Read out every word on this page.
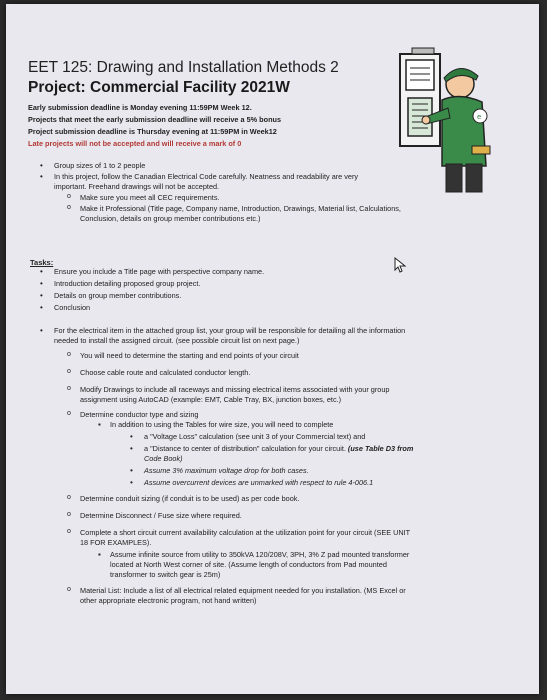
e
EET 125: Drawing and Installation Methods 2
Project: Commercial Facility 2021W
Early submission deadline is Monday evening 11:59PM Week 12.
Projects that meet the early submission deadline will receive a 5% bonus
Project submission deadline is Thursday evening at 11:59PM in Week12
Late projects will not be accepted and will receive a mark of 0
• Group sizes of 1 to 2 people
• In this project, follow the Canadian Electrical Code carefully. Neatness and readability are very
important. Freehand drawings will not be accepted.
o Make sure you meet all CEC requirements.
o Make it Professional (Title page, Company name, Introduction, Drawings, Material list, Calculations,
Conclusion, details on group member contributions etc.)
Tasks:
• Ensure you include a Title page with perspective company name.
• Introduction detailing proposed group project.
• Details on group member contributions.
• Conclusion
• For the electrical item in the attached group list, your group will be responsible for detailing all the information
needed to install the assigned circuit. (see possible circuit list on next page.)
o You will need to determine the starting and end points of your circuit
o Choose cable route and calculated conductor length.
o Modify Drawings to include all raceways and missing electrical items associated with your group
assignment using AutoCAD (example: EMT, Cable Tray, BX, junction boxes, etc.)
o Determine conductor type and sizing
▪ In addition to using the Tables for wire size, you will need to complete
• a "Voltage Loss" calculation (see unit 3 of your Commercial text) and
• a "Distance to center of distribution" calculation for your circuit. (use Table D3 from
Code Book)
• Assume 3% maximum voltage drop for both cases.
• Assume overcurrent devices are unmarked with respect to rule 4-006.1
o Determine conduit sizing (if conduit is to be used) as per code book.
o Determine Disconnect / Fuse size where required.
o Complete a short circuit current availability calculation at the utilization point for your circuit (SEE UNIT
18 FOR EXAMPLES).
▪ Assume infinite source from utility to 350kVA 120/208V, 3PH, 3% Z pad mounted transformer
located at North West corner of site. (Assume length of conductors from Pad mounted
transformer to switch gear is 25m)
o Material List: Include a list of all electrical related equipment needed for you installation. (MS Excel or
other appropriate electronic program, not hand written)
